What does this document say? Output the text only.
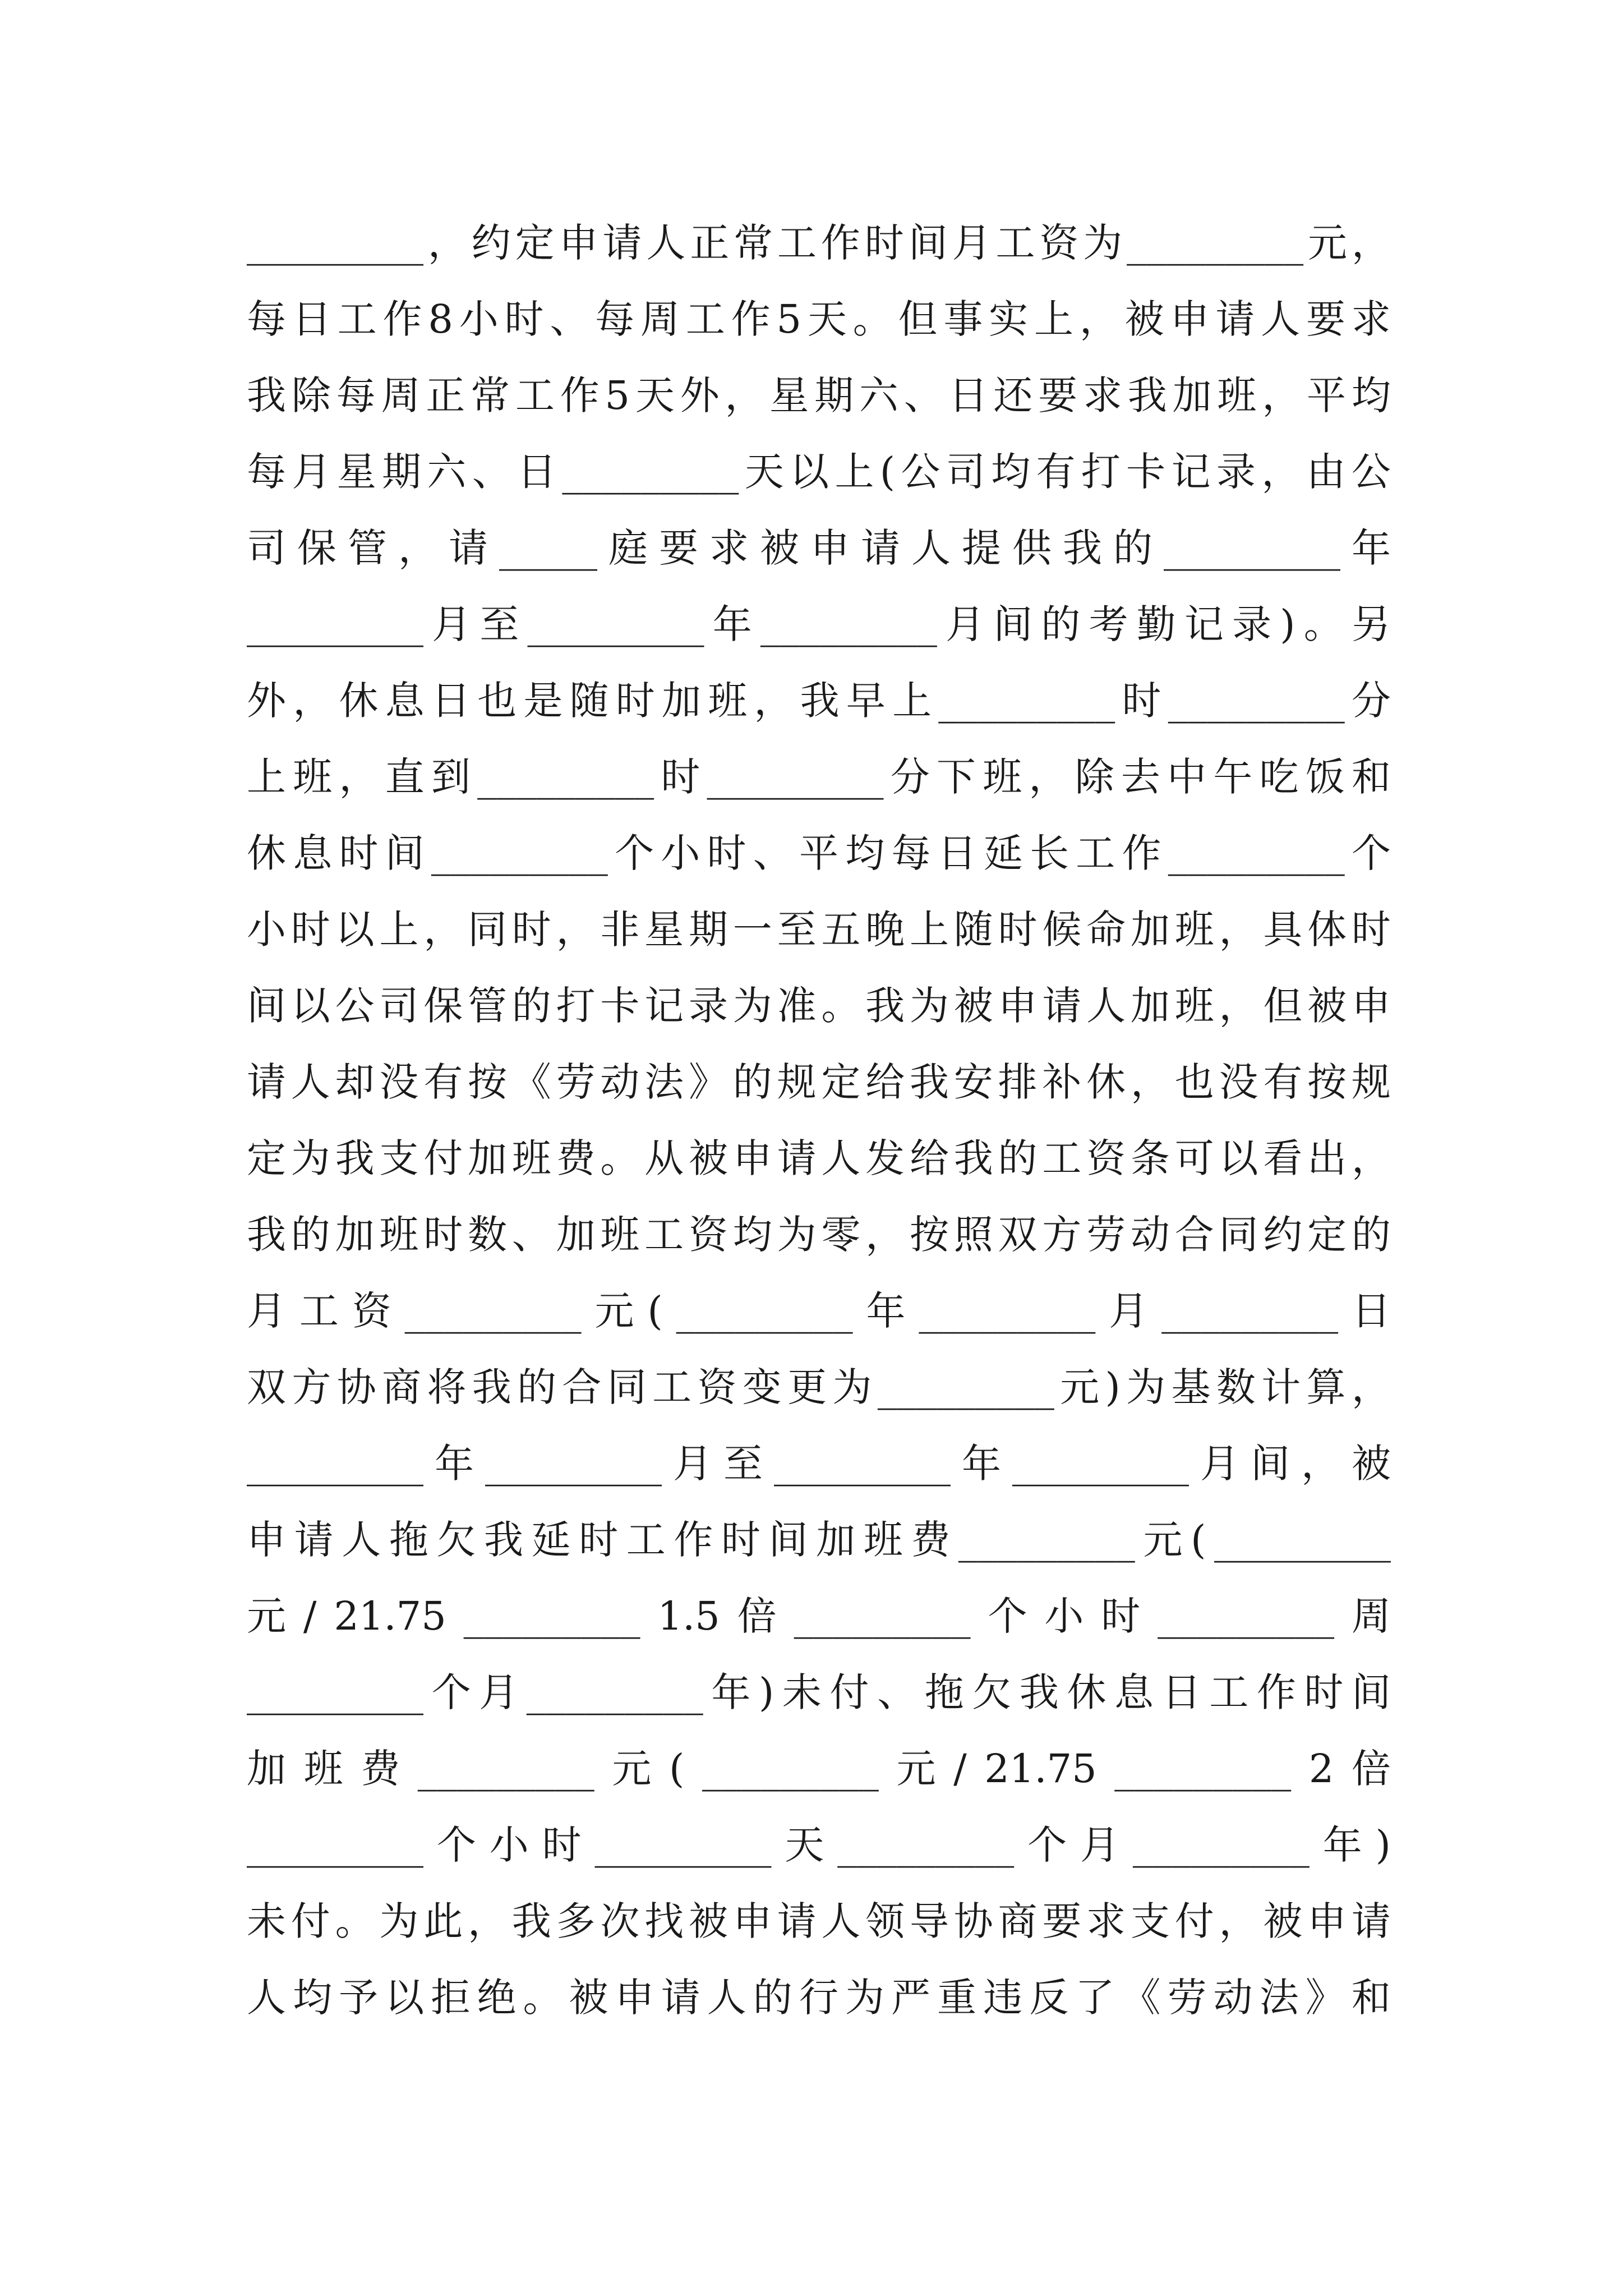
_________ ， 约 定 申 请 人 正 常 工 作 时 间 月 工 资 为 _________ 元 ，
每 日 工 作 8 小 时 、 每 周 工 作 5 天 。 但 事 实 上 ， 被 申 请 人 要 求
我 除 每 周 正 常 工 作 5 天 外 ， 星 期 六 、 日 还 要 求 我 加 班 ， 平 均
每 月 星 期 六 、 日 _________ 天 以 上 ( 公 司 均 有 打 卡 记 录 ， 由 公
司 保 管 ， 请 _____ 庭 要 求 被 申 请 人 提 供 我 的 _________ 年
_________ 月 至 _________ 年 _________ 月 间 的 考 勤 记 录 ) 。 另
外 ， 休 息 日 也 是 随 时 加 班 ， 我 早 上 _________ 时 _________ 分
上 班 ， 直 到 _________ 时 _________ 分 下 班 ， 除 去 中 午 吃 饭 和
休 息 时 间 _________ 个 小 时 、 平 均 每 日 延 长 工 作 _________ 个
小 时 以 上 ， 同 时 ， 非 星 期 一 至 五 晚 上 随 时 候 命 加 班 ， 具 体 时
间 以 公 司 保 管 的 打 卡 记 录 为 准 。 我 为 被 申 请 人 加 班 ， 但 被 申
请 人 却 没 有 按 《 劳 动 法 》 的 规 定 给 我 安 排 补 休 ， 也 没 有 按 规
定 为 我 支 付 加 班 费 。 从 被 申 请 人 发 给 我 的 工 资 条 可 以 看 出 ，
我 的 加 班 时 数 、 加 班 工 资 均 为 零 ， 按 照 双 方 劳 动 合 同 约 定 的
月 工 资 _________ 元 ( _________ 年 _________ 月 _________ 日
双 方 协 商 将 我 的 合 同 工 资 变 更 为 _________ 元 ) 为 基 数 计 算 ，
_________ 年 _________ 月 至 _________ 年 _________ 月 间 ， 被
申 请 人 拖 欠 我 延 时 工 作 时 间 加 班 费 _________ 元 ( _________
元 / 21.75 _________ 1.5 倍 _________ 个 小 时 _________ 周
_________ 个 月 _________ 年 ) 未 付 、 拖 欠 我 休 息 日 工 作 时 间
加 班 费 _________ 元 ( _________ 元 / 21.75 _________ 2 倍
_________ 个 小 时 _________ 天 _________ 个 月 _________ 年 )
未 付 。 为 此 ， 我 多 次 找 被 申 请 人 领 导 协 商 要 求 支 付 ， 被 申 请
人 均 予 以 拒 绝 。 被 申 请 人 的 行 为 严 重 违 反 了 《 劳 动 法 》 和
